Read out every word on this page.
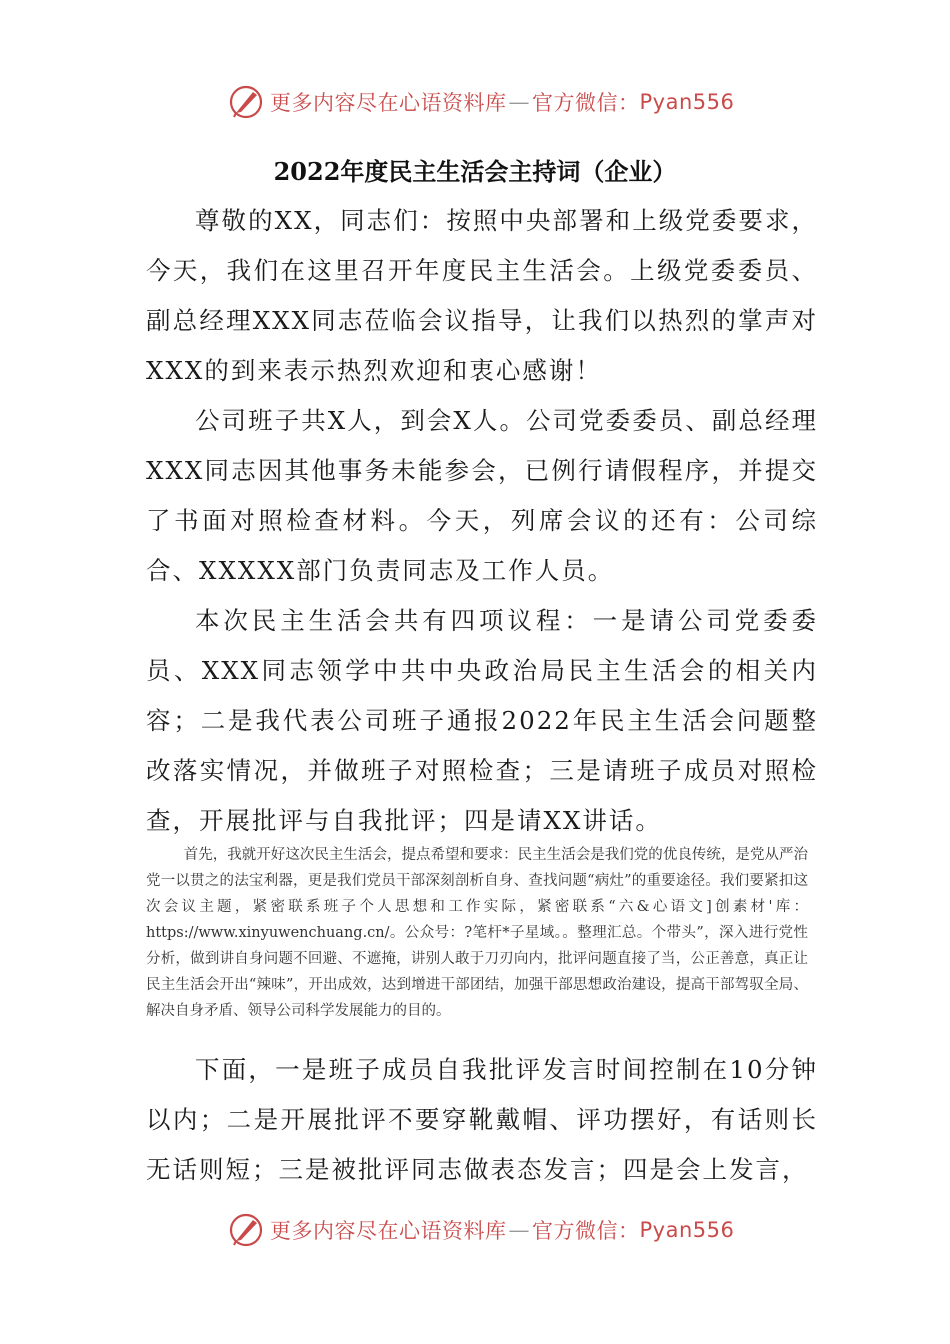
更多内容尽在心语资料库 — 官方微信： Pyan556
2022年度民主生活会主持词（企业）

尊敬的XX，同志们：按照中央部署和上级党委要求，今天，我们在这里召开年度民主生活会。上级党委委员、副总经理XXX同志莅临会议指导，让我们以热烈的掌声对XXX的到来表示热烈欢迎和衷心感谢！

公司班子共X人，到会X人。公司党委委员、副总经理XXX同志因其他事务未能参会，已例行请假程序，并提交了书面对照检查材料。今天，列席会议的还有：公司综合、XXXXX部门负责同志及工作人员。

本次民主生活会共有四项议程：一是请公司党委委员、XXX同志领学中共中央政治局民主生活会的相关内容；二是我代表公司班子通报2022年民主生活会问题整改落实情况，并做班子对照检查；三是请班子成员对照检查，开展批评与自我批评；四是请XX讲话。

首先，我就开好这次民主生活会，提点希望和要求：民主生活会是我们党的优良传统，是党从严治党一以贯之的法宝利器，更是我们党员干部深刻剖析自身、查找问题“病灶”的重要途径。我们要紧扣这次会议主题，紧密联系班子个人思想和工作实际，紧密联系“六&心语文]创素材'库：https://www.xinyuwenchuang.cn/。公众号：?笔杆*子星域。。整理汇总。个带头”，深入进行党性分析，做到讲自身问题不回避、不遮掩，讲别人敢于刀刃向内，批评问题直接了当，公正善意，真正让民主生活会开出“辣味”，开出成效，达到增进干部团结，加强干部思想政治建设，提高干部驾驭全局、解决自身矛盾、领导公司科学发展能力的目的。

下面，一是班子成员自我批评发言时间控制在10分钟以内；二是开展批评不要穿靴戴帽、评功摆好，有话则长无话则短；三是被批评同志做表态发言；四是会上发言，

更多内容尽在心语资料库 — 官方微信： Pyan556
